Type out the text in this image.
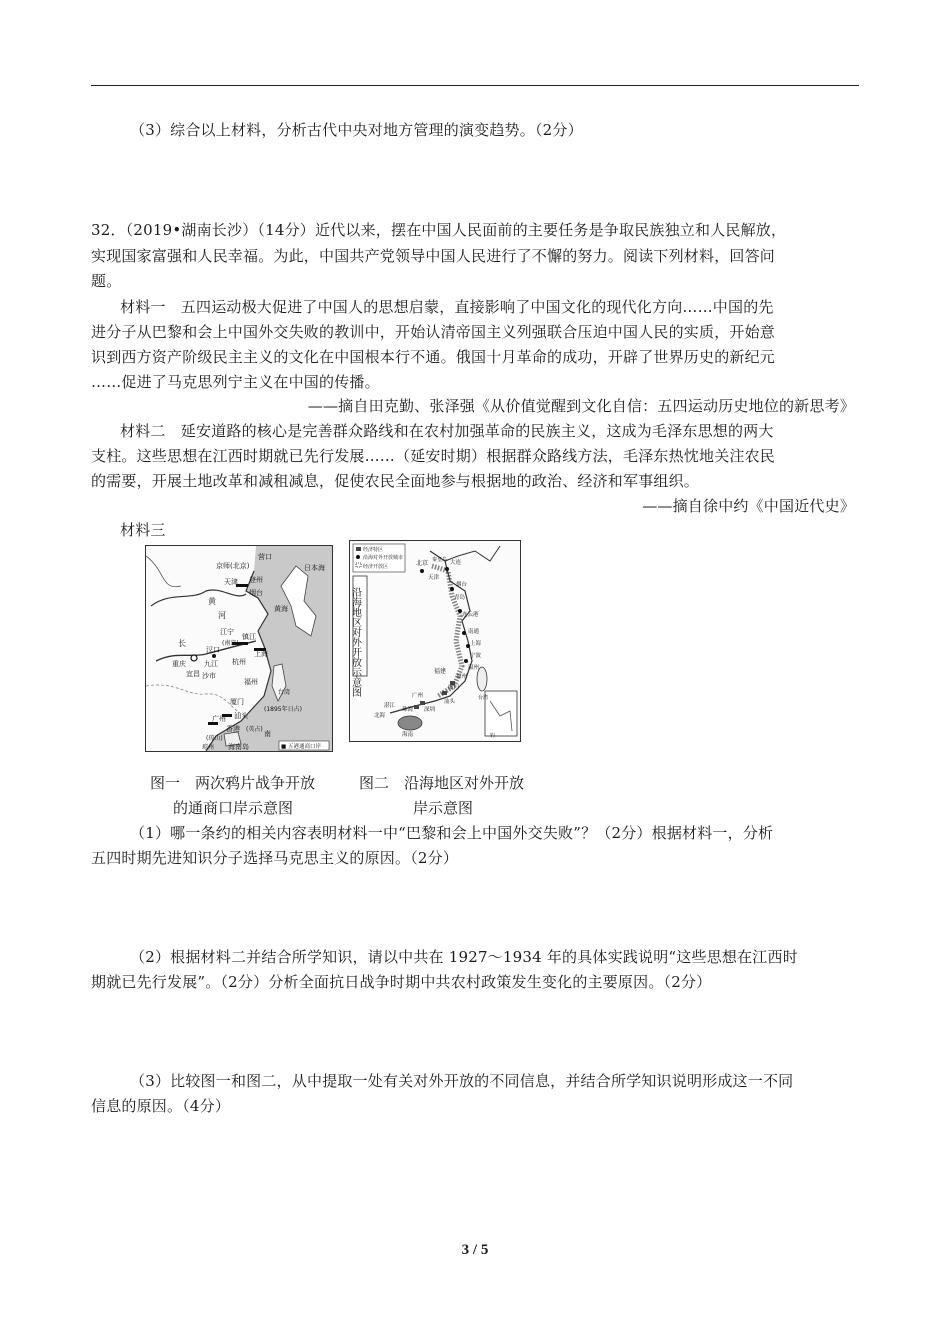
（3）综合以上材料，分析古代中央对地方管理的演变趋势。（2分）
32．（2019•湖南长沙）（14分）近代以来，摆在中国人民面前的主要任务是争取民族独立和人民解放，
实现国家富强和人民幸福。为此，中国共产党领导中国人民进行了不懈的努力。阅读下列材料，回答问
题。
材料一　五四运动极大促进了中国人的思想启蒙，直接影响了中国文化的现代化方向……中国的先
进分子从巴黎和会上中国外交失败的教训中，开始认清帝国主义列强联合压迫中国人民的实质，开始意
识到西方资产阶级民主主义的文化在中国根本行不通。俄国十月革命的成功，开辟了世界历史的新纪元
……促进了马克思列宁主义在中国的传播。
——摘自田克勤、张泽强《从价值觉醒到文化自信：五四运动历史地位的新思考》
材料二　延安道路的核心是完善群众路线和在农村加强革命的民族主义，这成为毛泽东思想的两大
支柱。这些思想在江西时期就已先行发展……（延安时期）根据群众路线方法，毛泽东热忱地关注农民
的需要，开展土地改革和减租减息，促使农民全面地参与根据地的政治、经济和军事组织。
——摘自徐中约《中国近代史》
材料三
营口
京师(北京)
天津 登州
烟台
黄海
日本海
黄
河
长
江宁
(南京)
镇江
上海
杭州
汉口
九江
重庆
宜昌 沙市
福州
厦门
台湾
(1895年日占)
广州 汕头
香港 (英占)
南
(琼山)
海南岛
琼州	■ 五港通商口岸
经济特区
沿海对外开放城市
经济开放区
沿海地区对外开放示意图
北京	大连
秦皇岛
天津
烟台
青岛
连云港
南通
上海
宁波
温州
福州
厦门
汕头
广州
深圳
珠海
湛江
北海
海南
福建
台湾
钓
图一　两次鸦片战争开放
的通商口岸示意图
图二　沿海地区对外开放
岸示意图
（1）哪一条约的相关内容表明材料一中“巴黎和会上中国外交失败”？（2分）根据材料一，分析
五四时期先进知识分子选择马克思主义的原因。（2分）
（2）根据材料二并结合所学知识，请以中共在 1927～1934 年的具体实践说明“这些思想在江西时
期就已先行发展”。（2分）分析全面抗日战争时期中共农村政策发生变化的主要原因。（2分）
（3）比较图一和图二，从中提取一处有关对外开放的不同信息，并结合所学知识说明形成这一不同
信息的原因。（4分）
3 / 5
